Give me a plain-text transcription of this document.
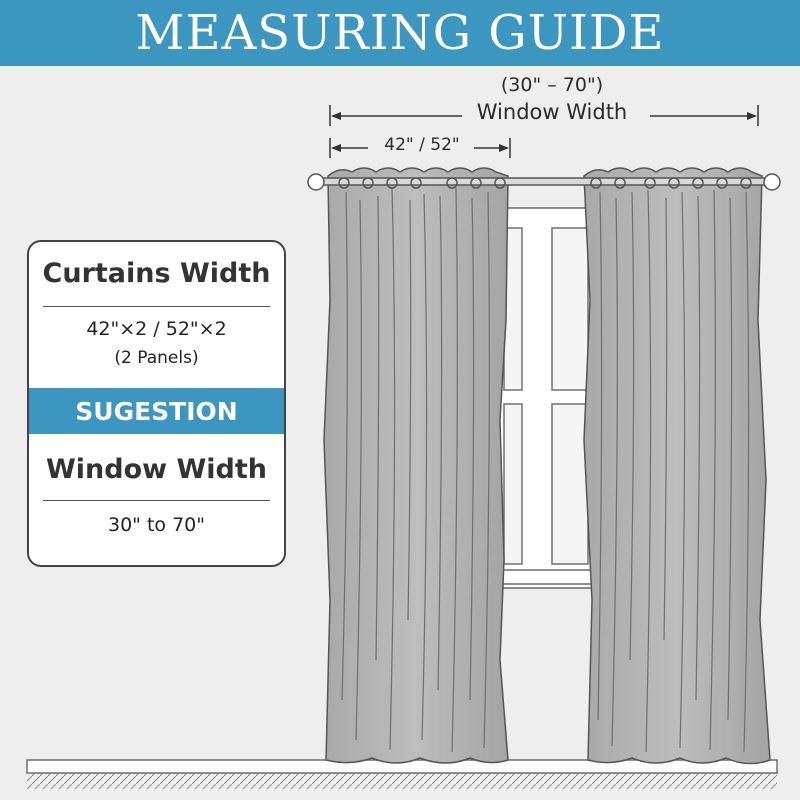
MEASURING GUIDE
(30" – 70")
Window Width
42" / 52"
Curtains Width
42"×2 / 52"×2
(2 Panels)
SUGESTION
Window Width
30" to 70"
